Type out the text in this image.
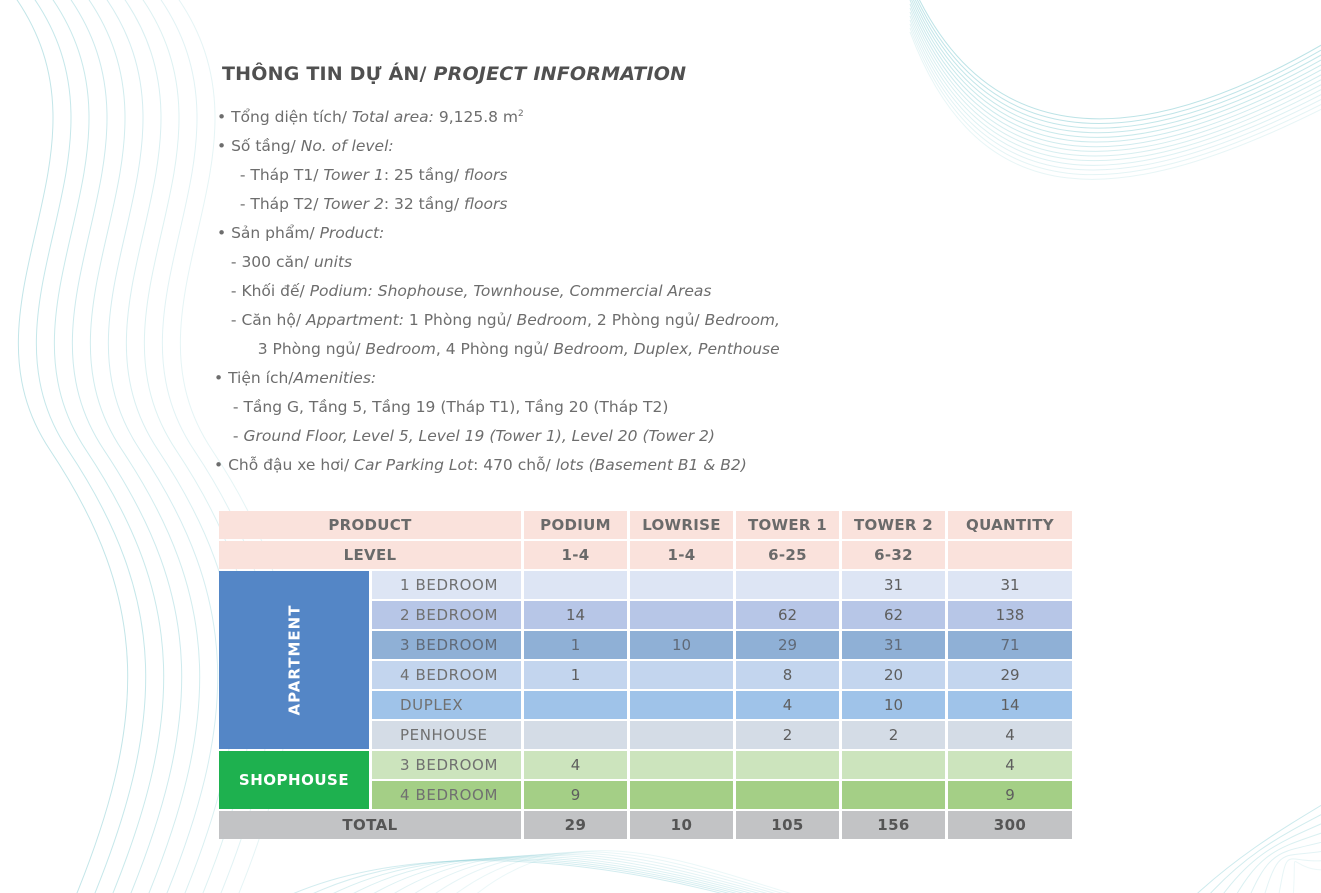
THÔNG TIN DỰ ÁN/ PROJECT INFORMATION
• Tổng diện tích/ Total area: 9,125.8 $m^2$
• Số tầng/ No. of level:
- Tháp T1/ Tower 1: 25 tầng/ floors
- Tháp T2/ Tower 2: 32 tầng/ floors
• Sản phẩm/ Product:
- 300 căn/ units
- Khối đế/ Podium: Shophouse, Townhouse, Commercial Areas
- Căn hộ/ Appartment: 1 Phòng ngủ/ Bedroom, 2 Phòng ngủ/ Bedroom,
3 Phòng ngủ/ Bedroom, 4 Phòng ngủ/ Bedroom, Duplex, Penthouse
• Tiện ích/Amenities:
- Tầng G, Tầng 5, Tầng 19 (Tháp T1), Tầng 20 (Tháp T2)
- Ground Floor, Level 5, Level 19 (Tower 1), Level 20 (Tower 2)
• Chỗ đậu xe hơi/ Car Parking Lot: 470 chỗ/ lots (Basement B1 & B2)
PRODUCT		PODIUM	LOWRISE	TOWER 1	TOWER 2	QUANTITY
LEVEL		1-4	1-4	6-25	6-32	
APARTMENT	1 BEDROOM				31	31
	2 BEDROOM	14		62	62	138
	3 BEDROOM	1	10	29	31	71
	4 BEDROOM	1		8	20	29
	DUPLEX			4	10	14
	PENHOUSE			2	2	4
SHOPHOUSE	3 BEDROOM	4				4
	4 BEDROOM	9				9
TOTAL		29	10	105	156	300
